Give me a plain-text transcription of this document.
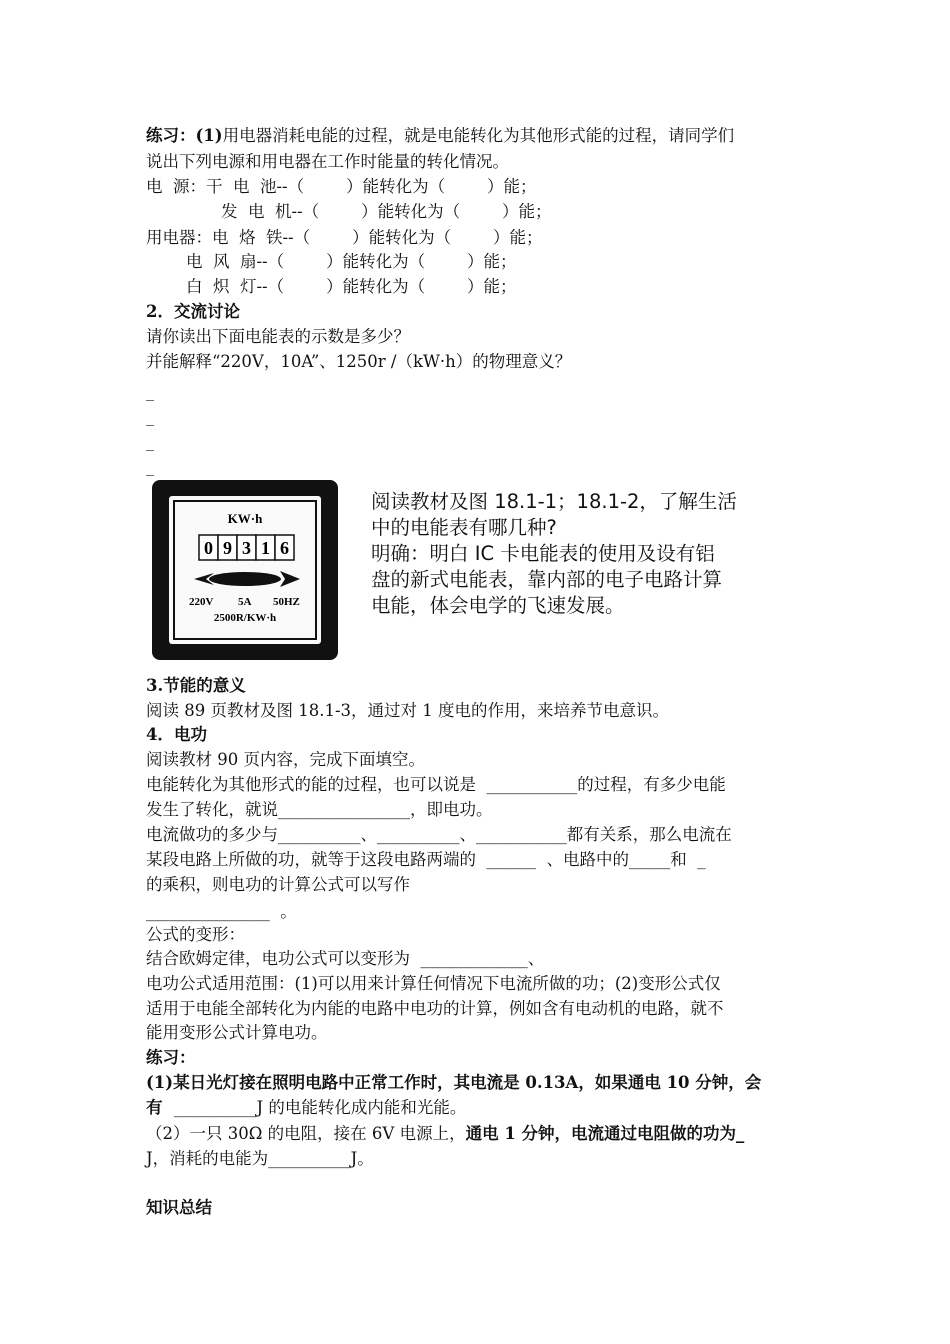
练习：(1)用电器消耗电能的过程，就是电能转化为其他形式能的过程，请同学们
说出下列电源和用电器在工作时能量的转化情况。
电  源：干  电  池--（        ）能转化为（        ）能；
发  电  机--（        ）能转化为（        ）能；
用电器：电  烙  铁--（        ）能转化为（        ）能；
电  风  扇--（        ）能转化为（        ）能；
白  炽  灯--（        ）能转化为（        ）能；
2．交流讨论
请你读出下面电能表的示数是多少？
并能解释“220V，10A”、1250r /（kW·h）的物理意义？
_
_
_
_
KW·h
0 9 3 1 6
220V 5A 50HZ
2500R/KW·h
阅读教材及图 18.1-1；18.1-2，了解生活
中的电能表有哪几种?
明确：明白 IC 卡电能表的使用及设有铝
盘的新式电能表，靠内部的电子电路计算
电能，体会电学的飞速发展。
3.节能的意义
阅读 89 页教材及图 18.1-3，通过对 1 度电的作用，来培养节电意识。
4．电功
阅读教材 90 页内容，完成下面填空。
电能转化为其他形式的能的过程，也可以说是  ___________的过程，有多少电能
发生了转化，就说________________，即电功。
电流做功的多少与__________、__________、___________都有关系，那么电流在
某段电路上所做的功，就等于这段电路两端的  ______  、电路中的_____和  _
的乘积，则电功的计算公式可以写作
_______________  。
公式的变形：
结合欧姆定律，电功公式可以变形为  _____________、
电功公式适用范围：(1)可以用来计算任何情况下电流所做的功；(2)变形公式仅
适用于电能全部转化为内能的电路中电功的计算，例如含有电动机的电路，就不
能用变形公式计算电功。
练习：
(1)某日光灯接在照明电路中正常工作时，其电流是 0.13A，如果通电 10 分钟，会
有  __________J 的电能转化成内能和光能。
（2）一只 30Ω 的电阻，接在 6V 电源上，通电 1 分钟，电流通过电阻做的功为_
J，消耗的电能为__________J。
知识总结
